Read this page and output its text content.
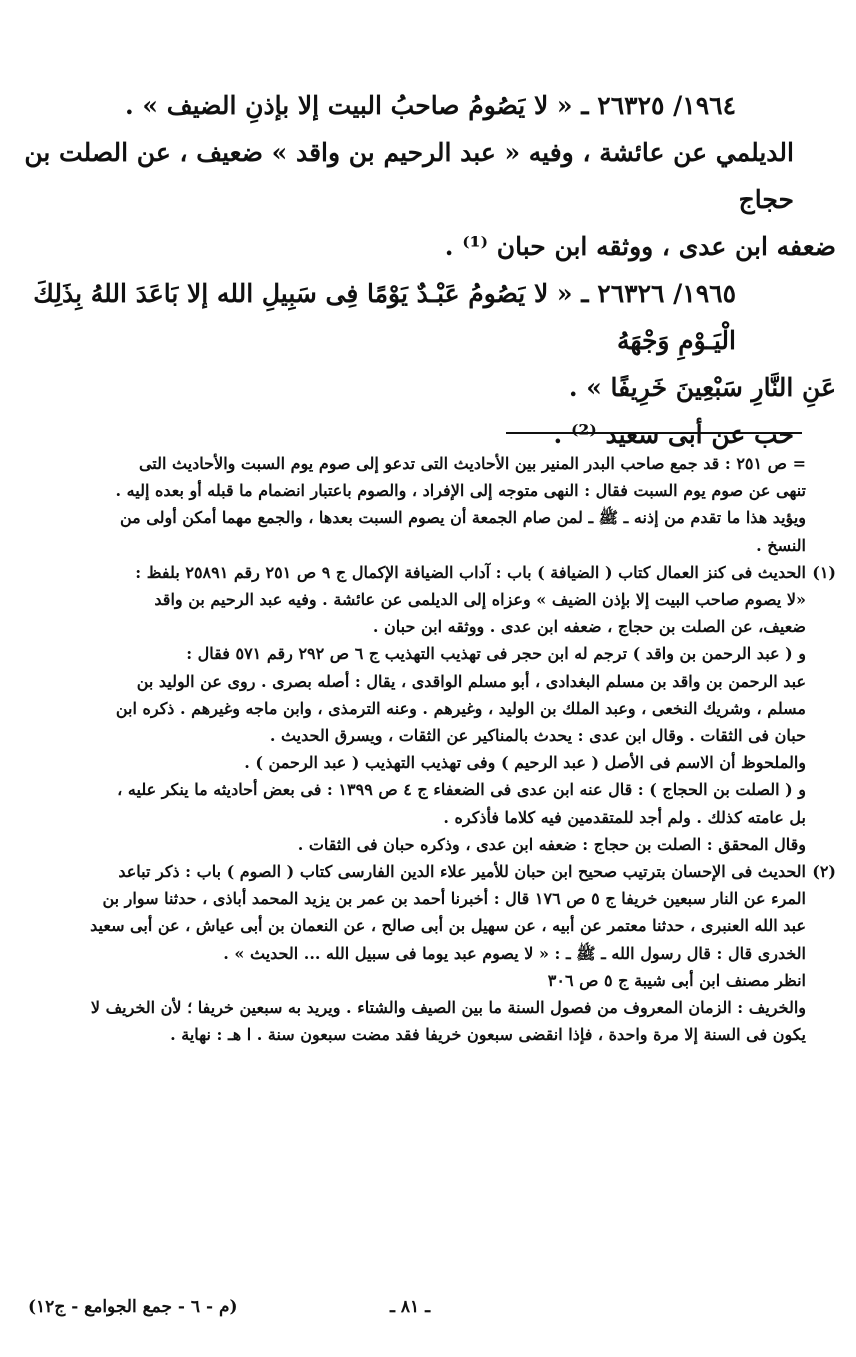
١٩٦٤/ ٢٦٣٢٥ ـ « لا يَصُومُ صاحبُ البيت إلا بإذنِ الضيف » .

الديلمي عن عائشة ، وفيه « عبد الرحيم بن واقد » ضعيف ، عن الصلت بن حجاج

ضعفه ابن عدى ، ووثقه ابن حبان ⁽¹⁾ .

١٩٦٥/ ٢٦٣٢٦ ـ « لا يَصُومُ عَبْـدٌ يَوْمًا فِى سَبِيلِ الله إلا بَاعَدَ اللهُ بِذَلِكَ الْيَـوْمِ وَجْهَهُ

عَنِ النَّارِ سَبْعِينَ خَرِيفًا » .

حب عن أبى سعيد ⁽²⁾ .

= ص ٢٥١ : قد جمع صاحب البدر المنير بين الأحاديث التى تدعو إلى صوم يوم السبت والأحاديث التى

تنهى عن صوم يوم السبت فقال : النهى متوجه إلى الإفراد ، والصوم باعتبار انضمام ما قبله أو بعده إليه .

ويؤيد هذا ما تقدم من إذنه ـ ﷺ ـ لمن صام الجمعة أن يصوم السبت بعدها ، والجمع مهما أمكن أولى من

النسخ .

(١)الحديث فى كنز العمال كتاب ( الضيافة ) باب : آداب الضيافة الإكمال ج ٩ ص ٢٥١ رقم ٢٥٨٩١ بلفظ :

«لا يصوم صاحب البيت إلا بإذن الضيف » وعزاه إلى الديلمى عن عائشة . وفيه عبد الرحيم بن واقد

ضعيف، عن الصلت بن حجاج ، ضعفه ابن عدى . ووثقه ابن حبان .

و ( عبد الرحمن بن واقد ) ترجم له ابن حجر فى تهذيب التهذيب ج ٦ ص ٢٩٢ رقم ٥٧١ فقال :

عبد الرحمن بن واقد بن مسلم البغدادى ، أبو مسلم الواقدى ، يقال : أصله بصرى . روى عن الوليد بن

مسلم ، وشريك النخعى ، وعبد الملك بن الوليد ، وغيرهم . وعنه الترمذى ، وابن ماجه وغيرهم . ذكره ابن

حبان فى الثقات . وقال ابن عدى : يحدث بالمناكير عن الثقات ، ويسرق الحديث .

والملحوظ أن الاسم فى الأصل ( عبد الرحيم ) وفى تهذيب التهذيب ( عبد الرحمن ) .

و ( الصلت بن الحجاج ) : قال عنه ابن عدى فى الضعفاء ج ٤ ص ١٣٩٩ : فى بعض أحاديثه ما ينكر عليه ،

بل عامته كذلك . ولم أجد للمتقدمين فيه كلاما فأذكره .

وقال المحقق : الصلت بن حجاج : ضعفه ابن عدى ، وذكره حبان فى الثقات .

(٢)الحديث فى الإحسان بترتيب صحيح ابن حبان للأمير علاء الدين الفارسى كتاب ( الصوم ) باب : ذكر تباعد

المرء عن النار سبعين خريفا ج ٥ ص ١٧٦ قال : أخبرنا أحمد بن عمر بن يزيد المحمد أباذى ، حدثنا سوار بن

عبد الله العنبرى ، حدثنا معتمر عن أبيه ، عن سهيل بن أبى صالح ، عن النعمان بن أبى عياش ، عن أبى سعيد

الخدرى قال : قال رسول الله ـ ﷺ ـ : « لا يصوم عبد يوما فى سبيل الله ... الحديث » .

انظر مصنف ابن أبى شيبة ج ٥ ص ٣٠٦

والخريف : الزمان المعروف من فصول السنة ما بين الصيف والشتاء . ويريد به سبعين خريفا ؛ لأن الخريف لا

يكون فى السنة إلا مرة واحدة ، فإذا انقضى سبعون خريفا فقد مضت سبعون سنة . ا هـ : نهاية .

ـ ٨١ ـ
(م - ٦ - جمع الجوامع - ج١٢)
